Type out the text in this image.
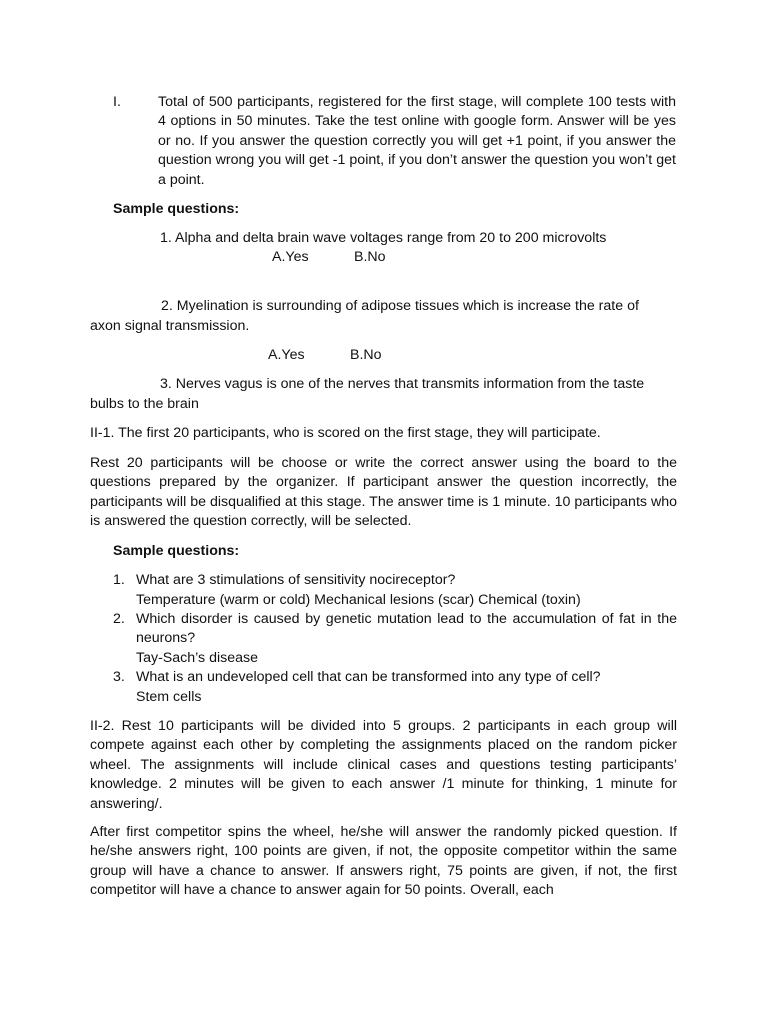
I.	Total of 500 participants, registered for the first stage, will complete 100 tests with 4 options in 50 minutes. Take the test online with google form. Answer will be yes or no. If you answer the question correctly you will get +1 point, if you answer the question wrong you will get -1 point, if you don’t answer the question you won’t get a point.
Sample questions:
1. Alpha and delta brain wave voltages range from 20 to 200 microvolts
A.Yes	B.No
2. Myelination is surrounding of adipose tissues which is increase the rate of
axon signal transmission.
A.Yes	B.No
3. Nerves vagus is one of the nerves that transmits information from the taste
bulbs to the brain
II-1. The first 20 participants, who is scored on the first stage, they will participate.
Rest 20 participants will be choose or write the correct answer using the board to the questions prepared by the organizer. If participant answer the question incorrectly, the participants will be disqualified at this stage. The answer time is 1 minute. 10 participants who is answered the question correctly, will be selected.
Sample questions:
1. What are 3 stimulations of sensitivity nocireceptor?
Temperature (warm or cold) Mechanical lesions (scar) Chemical (toxin)
2. Which disorder is caused by genetic mutation lead to the accumulation of fat in the neurons?
Tay-Sach’s disease
3. What is an undeveloped cell that can be transformed into any type of cell?
Stem cells
II-2. Rest 10 participants will be divided into 5 groups. 2 participants in each group will compete against each other by completing the assignments placed on the random picker wheel. The assignments will include clinical cases and questions testing participants’ knowledge. 2 minutes will be given to each answer /1 minute for thinking, 1 minute for answering/.
After first competitor spins the wheel, he/she will answer the randomly picked question. If he/she answers right, 100 points are given, if not, the opposite competitor within the same group will have a chance to answer. If answers right, 75 points are given, if not, the first competitor will have a chance to answer again for 50 points. Overall, each
